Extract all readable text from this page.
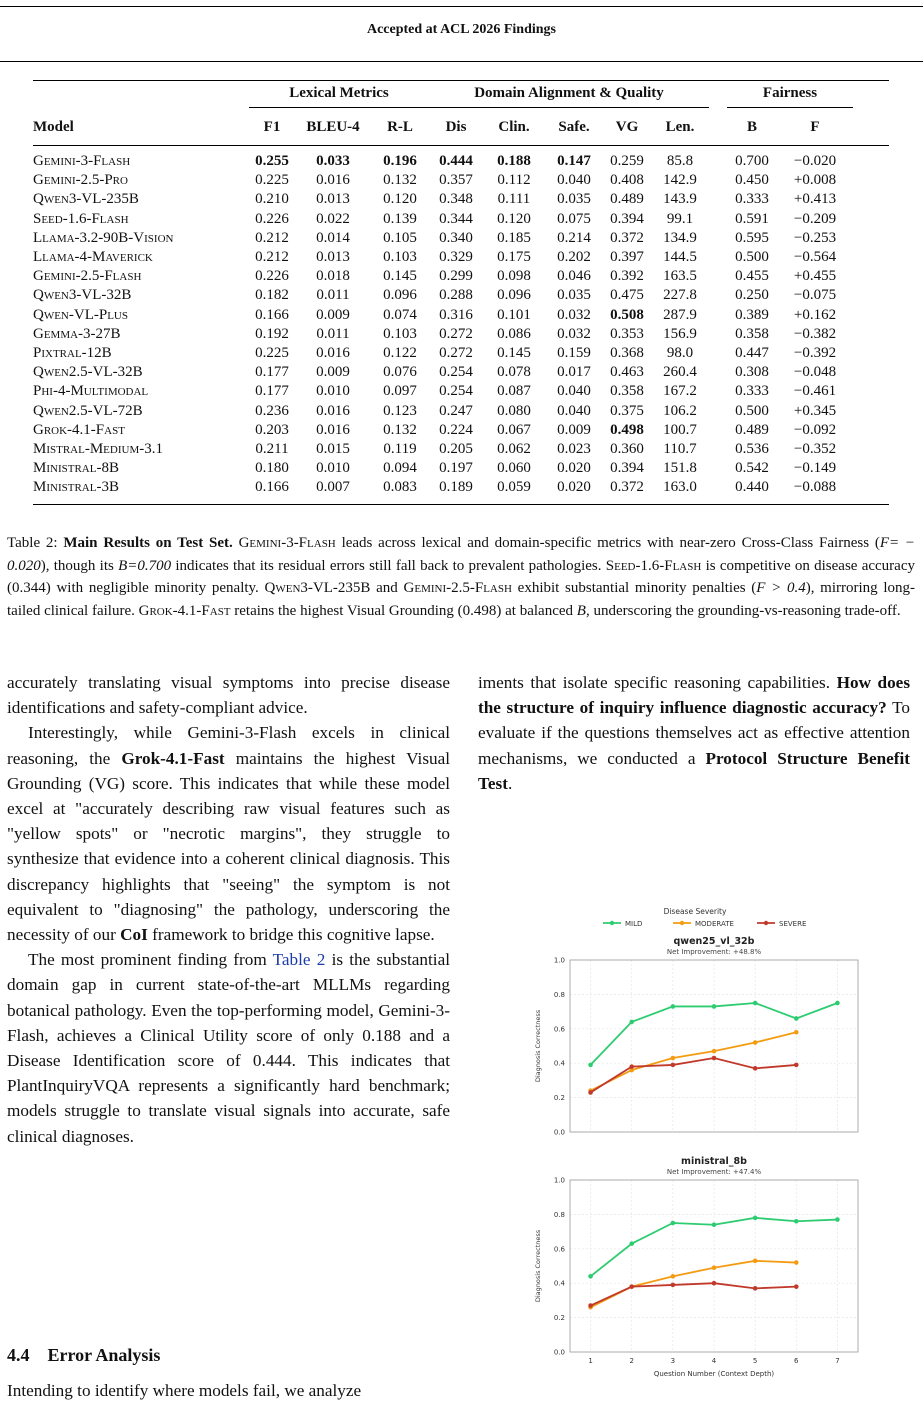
Accepted at ACL 2026 Findings
	Lexical Metrics			Domain Alignment & Quality						Fairness		
Model	F1	BLEU-4	R-L	Dis	Clin.	Safe.	VG	Len.		B	F	

Gemini-3-Flash	0.255	0.033	0.196	0.444	0.188	0.147	0.259	85.8		0.700	−0.020	
Gemini-2.5-Pro	0.225	0.016	0.132	0.357	0.112	0.040	0.408	142.9		0.450	+0.008	
Qwen3-VL-235B	0.210	0.013	0.120	0.348	0.111	0.035	0.489	143.9		0.333	+0.413	
Seed-1.6-Flash	0.226	0.022	0.139	0.344	0.120	0.075	0.394	99.1		0.591	−0.209	
Llama-3.2-90B-Vision	0.212	0.014	0.105	0.340	0.185	0.214	0.372	134.9		0.595	−0.253	
Llama-4-Maverick	0.212	0.013	0.103	0.329	0.175	0.202	0.397	144.5		0.500	−0.564	
Gemini-2.5-Flash	0.226	0.018	0.145	0.299	0.098	0.046	0.392	163.5		0.455	+0.455	
Qwen3-VL-32B	0.182	0.011	0.096	0.288	0.096	0.035	0.475	227.8		0.250	−0.075	
Qwen-VL-Plus	0.166	0.009	0.074	0.316	0.101	0.032	0.508	287.9		0.389	+0.162	
Gemma-3-27B	0.192	0.011	0.103	0.272	0.086	0.032	0.353	156.9		0.358	−0.382	
Pixtral-12B	0.225	0.016	0.122	0.272	0.145	0.159	0.368	98.0		0.447	−0.392	
Qwen2.5-VL-32B	0.177	0.009	0.076	0.254	0.078	0.017	0.463	260.4		0.308	−0.048	
Phi-4-Multimodal	0.177	0.010	0.097	0.254	0.087	0.040	0.358	167.2		0.333	−0.461	
Qwen2.5-VL-72B	0.236	0.016	0.123	0.247	0.080	0.040	0.375	106.2		0.500	+0.345	
Grok-4.1-Fast	0.203	0.016	0.132	0.224	0.067	0.009	0.498	100.7		0.489	−0.092	
Mistral-Medium-3.1	0.211	0.015	0.119	0.205	0.062	0.023	0.360	110.7		0.536	−0.352	
Ministral-8B	0.180	0.010	0.094	0.197	0.060	0.020	0.394	151.8		0.542	−0.149	
Ministral-3B	0.166	0.007	0.083	0.189	0.059	0.020	0.372	163.0		0.440	−0.088	

Table 2: Main Results on Test Set. Gemini-3-Flash leads across lexical and domain-specific metrics with near-zero Cross-Class Fairness (F= − 0.020), though its B=0.700 indicates that its residual errors still fall back to prevalent pathologies. Seed-1.6-Flash is competitive on disease accuracy (0.344) with negligible minority penalty. Qwen3-VL-235B and Gemini-2.5-Flash exhibit substantial minority penalties (F > 0.4), mirroring long-tailed clinical failure. Grok-4.1-Fast retains the highest Visual Grounding (0.498) at balanced B, underscoring the grounding-vs-reasoning trade-off.

accurately translating visual symptoms into precise disease identifications and safety-compliant advice.

Interestingly, while Gemini-3-Flash excels in clinical reasoning, the Grok-4.1-Fast maintains the highest Visual Grounding (VG) score. This indicates that while these model excel at "accurately describing raw visual features such as "yellow spots" or "necrotic margins", they struggle to synthesize that evidence into a coherent clinical diagnosis. This discrepancy highlights that "seeing" the symptom is not equivalent to "diagnosing" the pathology, underscoring the necessity of our CoI framework to bridge this cognitive lapse.

The most prominent finding from Table 2 is the substantial domain gap in current state-of-the-art MLLMs regarding botanical pathology. Even the top-performing model, Gemini-3-Flash, achieves a Clinical Utility score of only 0.188 and a Disease Identification score of 0.444. This indicates that PlantInquiryVQA represents a significantly hard benchmark; models struggle to translate visual signals into accurate, safe clinical diagnoses.

4.4 Error Analysis
Intending to identify where models fail, we analyze

iments that isolate specific reasoning capabilities. How does the structure of inquiry influence diagnostic accuracy? To evaluate if the questions themselves act as effective attention mechanisms, we conducted a Protocol Structure Benefit Test.

Disease Severity
MILD	MODERATE	SEVERE
qwen25_vl_32b
Net Improvement: +48.8%
0.0
0.2
0.4
0.6
0.8
1.0
Diagnosis Correctness
ministral_8b
Net Improvement: +47.4%
0.0
0.2
0.4
0.6
0.8
1.0
1	2	3	4	5	6	7
Diagnosis Correctness
Question Number (Context Depth)
